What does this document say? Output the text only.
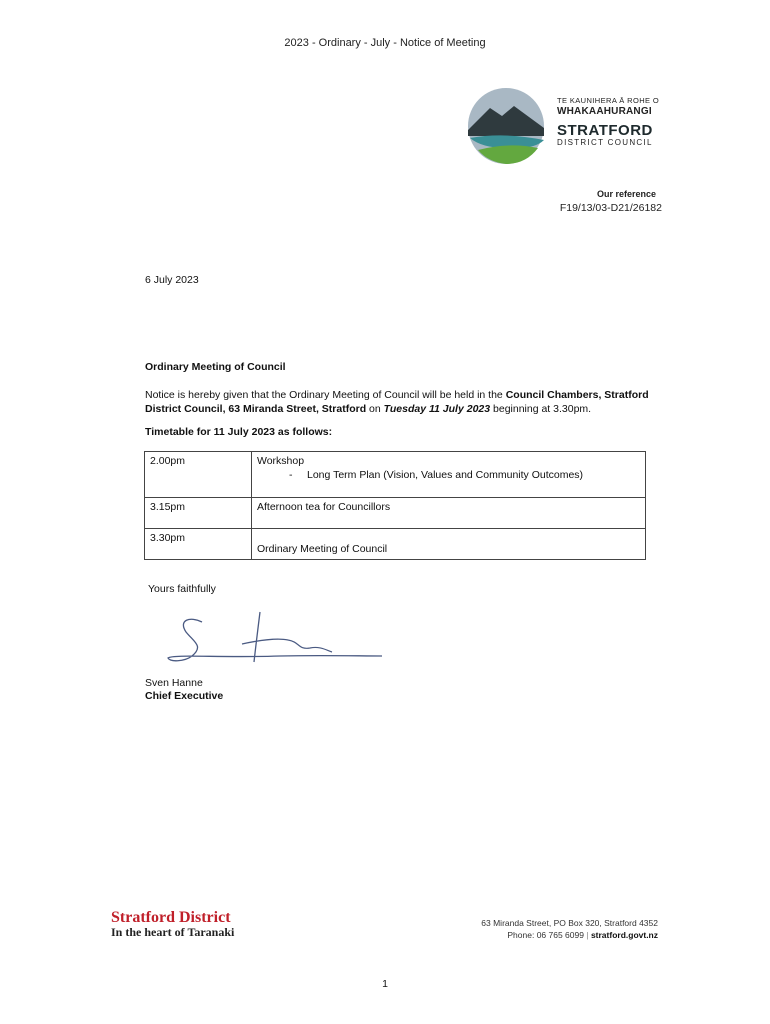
2023 - Ordinary - July - Notice of Meeting
TE KAUNIHERA Ā ROHE O
WHAKAAHURANGI
STRATFORD
DISTRICT COUNCIL
Our reference
F19/13/03-D21/26182
6 July 2023
Ordinary Meeting of Council
Notice is hereby given that the Ordinary Meeting of Council will be held in the Council Chambers, Stratford District Council, 63 Miranda Street, Stratford on Tuesday 11 July 2023 beginning at 3.30pm.
Timetable for 11 July 2023 as follows:
2.00pm	Workshop
- Long Term Plan (Vision, Values and Community Outcomes)

3.15pm	Afternoon tea for Councillors
3.30pm	Ordinary Meeting of Council
Yours faithfully
Sven Hanne
Chief Executive
Stratford District
In the heart of Taranaki
63 Miranda Street, PO Box 320, Stratford 4352
Phone: 06 765 6099 | stratford.govt.nz
1
